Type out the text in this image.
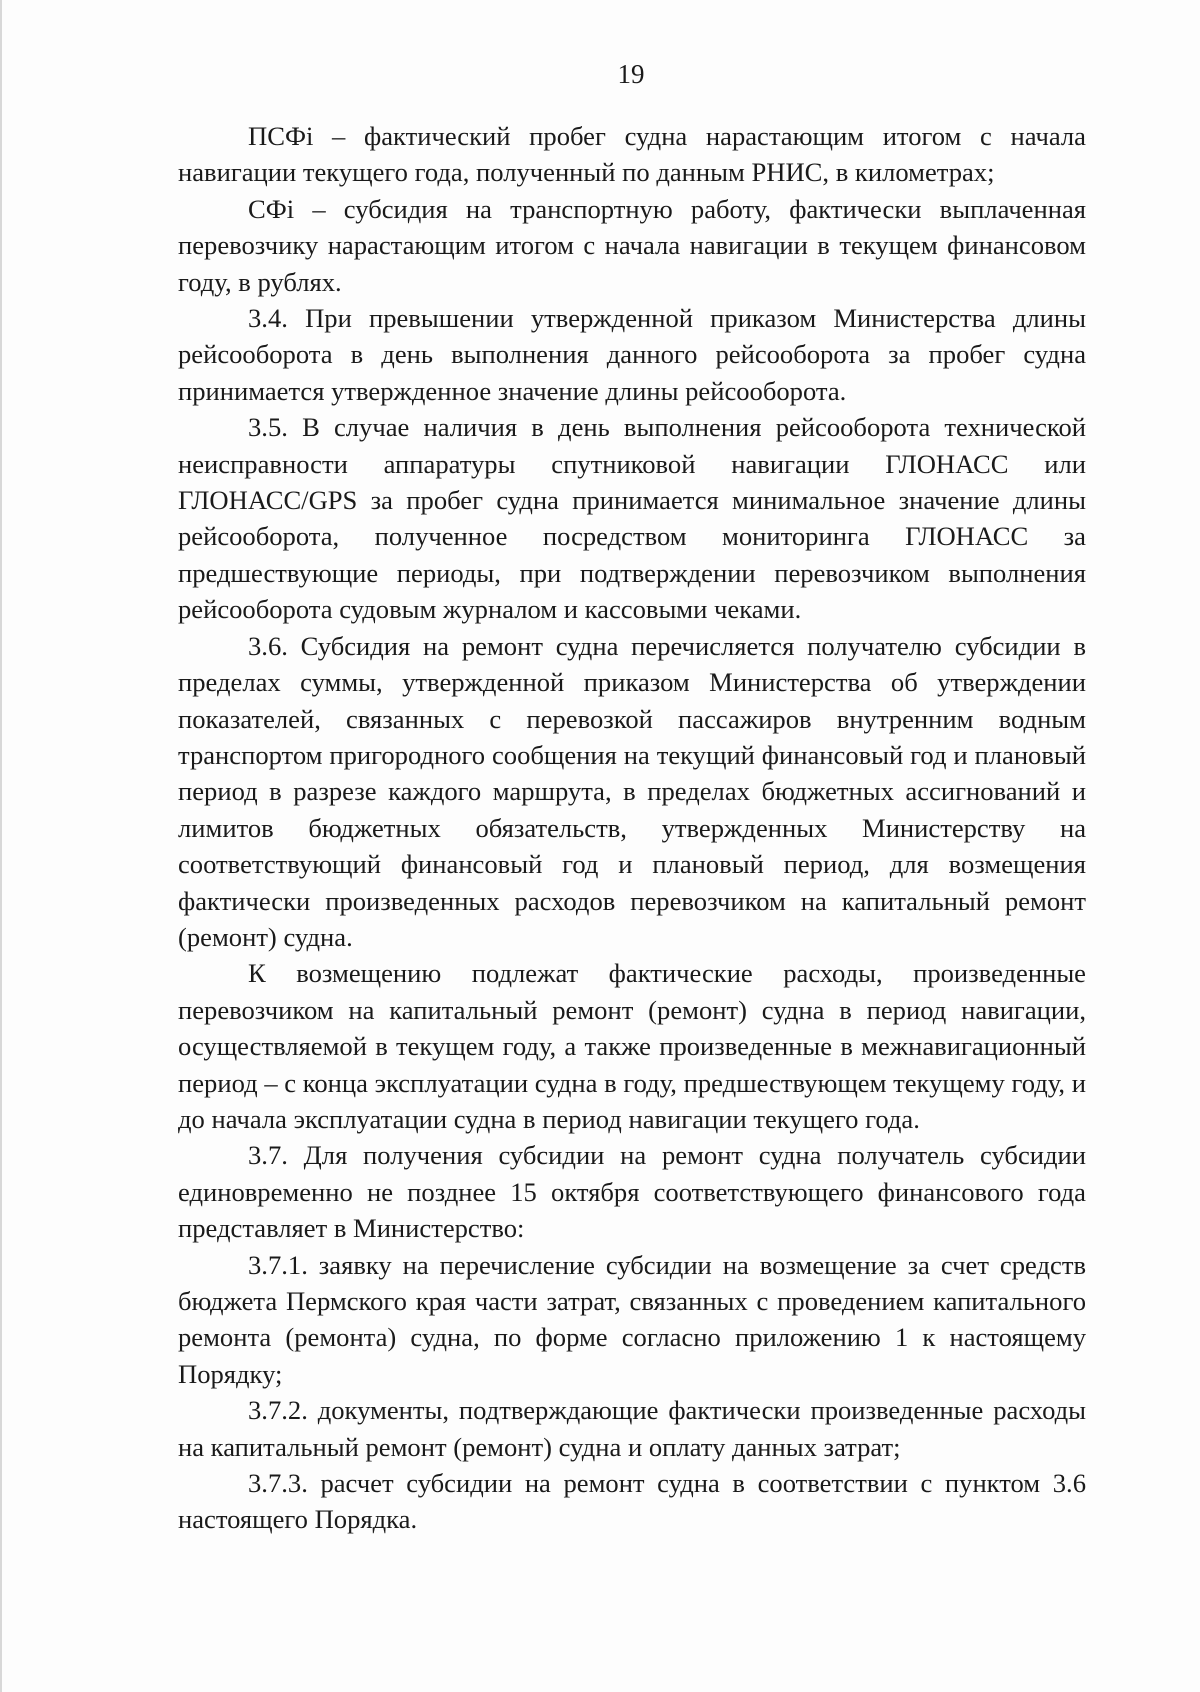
19

ПСФі – фактический пробег судна нарастающим итогом с начала навигации текущего года, полученный по данным РНИС, в километрах;

СФі – субсидия на транспортную работу, фактически выплаченная перевозчику нарастающим итогом с начала навигации в текущем финансовом году, в рублях.

3.4. При превышении утвержденной приказом Министерства длины рейсооборота в день выполнения данного рейсооборота за пробег судна принимается утвержденное значение длины рейсооборота.

3.5. В случае наличия в день выполнения рейсооборота технической неисправности аппаратуры спутниковой навигации ГЛОНАСС или ГЛОНАСС/GPS за пробег судна принимается минимальное значение длины рейсооборота, полученное посредством мониторинга ГЛОНАСС за предшествующие периоды, при подтверждении перевозчиком выполнения рейсооборота судовым журналом и кассовыми чеками.

3.6. Субсидия на ремонт судна перечисляется получателю субсидии в пределах суммы, утвержденной приказом Министерства об утверждении показателей, связанных с перевозкой пассажиров внутренним водным транспортом пригородного сообщения на текущий финансовый год и плановый период в разрезе каждого маршрута, в пределах бюджетных ассигнований и лимитов бюджетных обязательств, утвержденных Министерству на соответствующий финансовый год и плановый период, для возмещения фактически произведенных расходов перевозчиком на капитальный ремонт (ремонт) судна.

К возмещению подлежат фактические расходы, произведенные перевозчиком на капитальный ремонт (ремонт) судна в период навигации, осуществляемой в текущем году, а также произведенные в межнавигационный период – с конца эксплуатации судна в году, предшествующем текущему году, и до начала эксплуатации судна в период навигации текущего года.

3.7. Для получения субсидии на ремонт судна получатель субсидии единовременно не позднее 15 октября соответствующего финансового года представляет в Министерство:

3.7.1. заявку на перечисление субсидии на возмещение за счет средств бюджета Пермского края части затрат, связанных с проведением капитального ремонта (ремонта) судна, по форме согласно приложению 1 к настоящему Порядку;

3.7.2. документы, подтверждающие фактически произведенные расходы на капитальный ремонт (ремонт) судна и оплату данных затрат;

3.7.3. расчет субсидии на ремонт судна в соответствии с пунктом 3.6 настоящего Порядка.
